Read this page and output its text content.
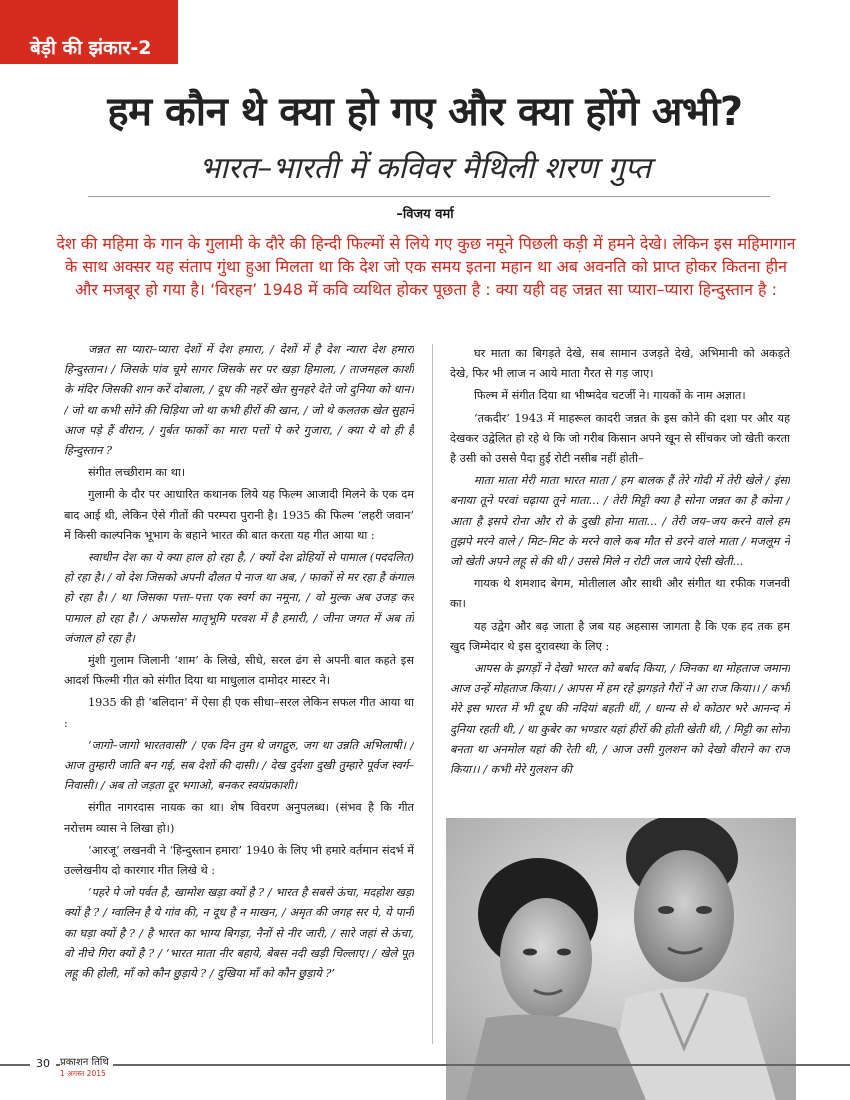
बेड़ी की झंकार-2
हम कौन थे क्या हो गए और क्या होंगे अभी?
भारत–भारती में कविवर मैथिली शरण गुप्त
–विजय वर्मा
देश की महिमा के गान के गुलामी के दौरे की हिन्दी फिल्मों से लिये गए कुछ नमूने पिछली कड़ी में हमने देखे। लेकिन इस महिमागान के साथ अक्सर यह संताप गुंथा हुआ मिलता था कि देश जो एक समय इतना महान था अब अवनति को प्राप्त होकर कितना हीन और मजबूर हो गया है। ‘विरहन’ 1948 में कवि व्यथित होकर पूछता है : क्या यही वह जन्नत सा प्यारा–प्यारा हिन्दुस्तान है :

जन्नत सा प्यारा–प्यारा देशों में देश हमारा, / देशों में है देश न्यारा देश हमारा हिन्दुस्तान। / जिसके पांव चूमे सागर जिसके सर पर खड़ा हिमाला, / ताजमहल काशी के मंदिर जिसकी शान करें दोबाला, / दूध की नहरें खेत सुनहरे देते जो दुनिया को धान। / जो था कभी सोने की चिड़िया जो था कभी हीरों की खान, / जो थे कलतक खेत सुहाने आज पड़े हैं वीरान, / गुर्बत फाकों का मारा पत्तों पे करे गुजारा, / क्या ये वो ही है हिन्दुस्तान ?

संगीत लच्छीराम का था।

गुलामी के दौर पर आधारित कथानक लिये यह फिल्म आजादी मिलने के एक दम बाद आई थी, लेकिन ऐसे गीतों की परम्परा पुरानी है। 1935 की फिल्म ‘लहरी जवान’ में किसी काल्पनिक भूभाग के बहाने भारत की बात करता यह गीत आया था :

स्वाधीन देश का ये क्या हाल हो रहा है, / क्यों देश द्रोहियों से पामाल (पददलित) हो रहा है। / वो देश जिसको अपनी दौलत पे नाज था अब, / फाकों से मर रहा है कंगाल हो रहा है। / था जिसका पत्ता–पत्ता एक स्वर्ग का नमूना, / वो मुल्क अब उजड़ कर पामाल हो रहा है। / अफसोस मातृभूमि परवश में है हमारी, / जीना जगत में अब तो जंजाल हो रहा है।

मुंशी गुलाम जिलानी ‘शाम’ के लिखे, सीधे, सरल ढंग से अपनी बात कहते इस आदर्श फिल्मी गीत को संगीत दिया था माधुलाल दामोदर मास्टर ने।

1935 की ही ‘बलिदान’ में ऐसा ही एक सीधा–सरल लेकिन सफल गीत आया था :

‘जागो–जागो भारतवासी’ / एक दिन तुम थे जगद्गुरु, जग था उन्नति अभिलाषी। / आज तुम्हारी जाति बन गई, सब देशों की दासी। / देख दुर्दशा दुखी तुम्हारे पूर्वज स्वर्ग–निवासी। / अब तो जड़ता दूर भगाओ, बनकर स्वयंप्रकाशी।

संगीत नागरदास नायक का था। शेष विवरण अनुपलब्ध। (संभव है कि गीत नरोत्तम व्यास ने लिखा हो।)

‘आरजू’ लखनवी ने ‘हिन्दुस्तान हमारा’ 1940 के लिए भी हमारे वर्तमान संदर्भ में उल्लेखनीय दो कारगार गीत लिखे थे :

‘पहरे पे जो पर्वत है, खामोश खड़ा क्यों है ? / भारत है सबसे ऊंचा, मदहोश खड़ा क्यों है ? / ग्वालिन है ये गांव की, न दूध है न माखन, / अमृत की जगह सर पे, ये पानी का घड़ा क्यों है ? / है भारत का भाग्य बिगड़ा, नैनों से नीर जारी, / सारे जहां से ऊंचा, वो नीचे गिरा क्यों है ? / ‘भारत माता नीर बहाये, बेबस नदी खड़ी चिल्लाए। / खेले पूत लहू की होली, माँ को कौन छुड़ाये ? / दुखिया माँ को कौन छुड़ाये ?’

घर माता का बिगड़ते देखे, सब सामान उजड़ते देखे, अभिमानी को अकड़ते देखे, फिर भी लाज न आये माता गैरत से गड़ जाए।

फिल्म में संगीत दिया था भीष्मदेव चटर्जी ने। गायकों के नाम अज्ञात।

‘तकदीर’ 1943 में माहरूल कादरी जन्नत के इस कोने की दशा पर और यह देखकर उद्वेलित हो रहे थे कि जो गरीब किसान अपने खून से सींचकर जो खेती करता है उसी को उससे पैदा हुई रोटी नसीब नहीं होती–

माता माता मेरी माता भारत माता / हम बालक हैं तेरे गोदी में तेरी खेले / इंसां बनाया तूने परवां चढ़ाया तूने माता... / तेरी मिट्टी क्या है सोना जन्नत का है कोना / आता है इसपे रोना और रो के दुखी होना माता... / तेरी जय–जय करने वाले हम तुझपे मरने वाले / मिट–मिट के मरने वाले कब मौत से डरने वाले माता / मजलूम ने जो खेती अपने लहू से की थी / उससे मिले न रोटी जल जाये ऐसी खेती...

गायक थे शमशाद बेगम, मोतीलाल और साथी और संगीत था रफीक गजनवी का।

यह उद्वेग और बढ़ जाता है जब यह अहसास जागता है कि एक हद तक हम खुद जिम्मेदार थे इस दुरावस्था के लिए :

आपस के झगड़ों ने देखो भारत को बर्बाद किया, / जिनका था मोहताज जमाना आज उन्हें मोहताज किया। / आपस में हम रहे झगड़ते गैरों ने आ राज किया।। / कभी मेरे इस भारत में भी दूध की नदियां बहती थीं, / धान्य से थे कोठार भरे आनन्द में दुनिया रहती थी, / था कुबेर का भण्डार यहां हीरों की होती खेती थी, / मिट्टी का सोना बनता था अनमोल यहां की रेती थी, / आज उसी गुलशन को देखो वीराने का राज किया।। / कभी मेरे गुलशन की

30	प्रकाशन तिथि
1 अगस्त 2015
